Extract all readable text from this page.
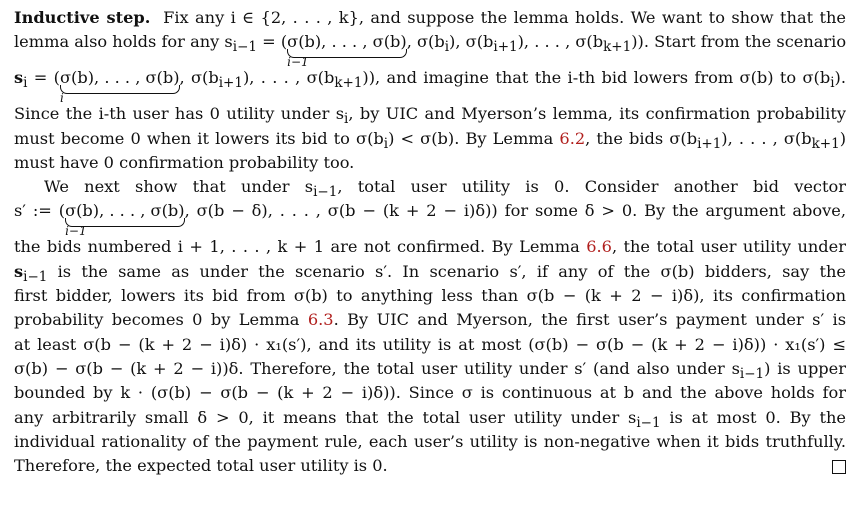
Inductive step. Fix any i ∈ {2, . . . , k}, and suppose the lemma holds. We want to show that the
lemma also holds for any $s_{i-1} = (\sigma(b)$, . . . , σ(b)
i−1
, $\sigma(b_i)$, $\sigma(b_{i+1})$, . . . , $\sigma(b_{k+1})$). Start from the scenario
$s_i = (\sigma(b)$, . . . , σ(b)
i
, $\sigma(b_{i+1})$, . . . , $\sigma(b_{k+1})$), and imagine that the i-th bid lowers from σ(b) to $\sigma(b_i)$.
Since the i-th user has 0 utility under $s_i$, by UIC and Myerson’s lemma, its confirmation probability
must become 0 when it lowers its bid to $\sigma(b_i) < \sigma(b)$. By Lemma 6.2, the bids $\sigma(b_{i+1})$, . . . , $\sigma(b_{k+1})$
must have 0 confirmation probability too.
We next show that under $s_{i-1}$, total user utility is 0. Consider another bid vector
s′ := (σ(b), . . . , σ(b)
i−1
, σ(b − δ), . . . , σ(b − (k + 2 − i)δ)) for some δ > 0. By the argument above,
the bids numbered i + 1, . . . , k + 1 are not confirmed. By Lemma 6.6, the total user utility under
$s_{i-1}$ is the same as under the scenario s′. In scenario s′, if any of the σ(b) bidders, say the
first bidder, lowers its bid from σ(b) to anything less than σ(b − (k + 2 − i)δ), its confirmation
probability becomes 0 by Lemma 6.3. By UIC and Myerson, the first user’s payment under s′ is
at least σ(b − (k + 2 − i)δ) · x₁(s′), and its utility is at most (σ(b) − σ(b − (k + 2 − i)δ)) · x₁(s′) ≤
σ(b) − σ(b − (k + 2 − i))δ. Therefore, the total user utility under s′ (and also under $s_{i-1}$) is upper
bounded by k · (σ(b) − σ(b − (k + 2 − i)δ)). Since σ is continuous at b and the above holds for
any arbitrarily small δ > 0, it means that the total user utility under $s_{i-1}$ is at most 0. By the
individual rationality of the payment rule, each user’s utility is non-negative when it bids truthfully.
Therefore, the expected total user utility is 0.
